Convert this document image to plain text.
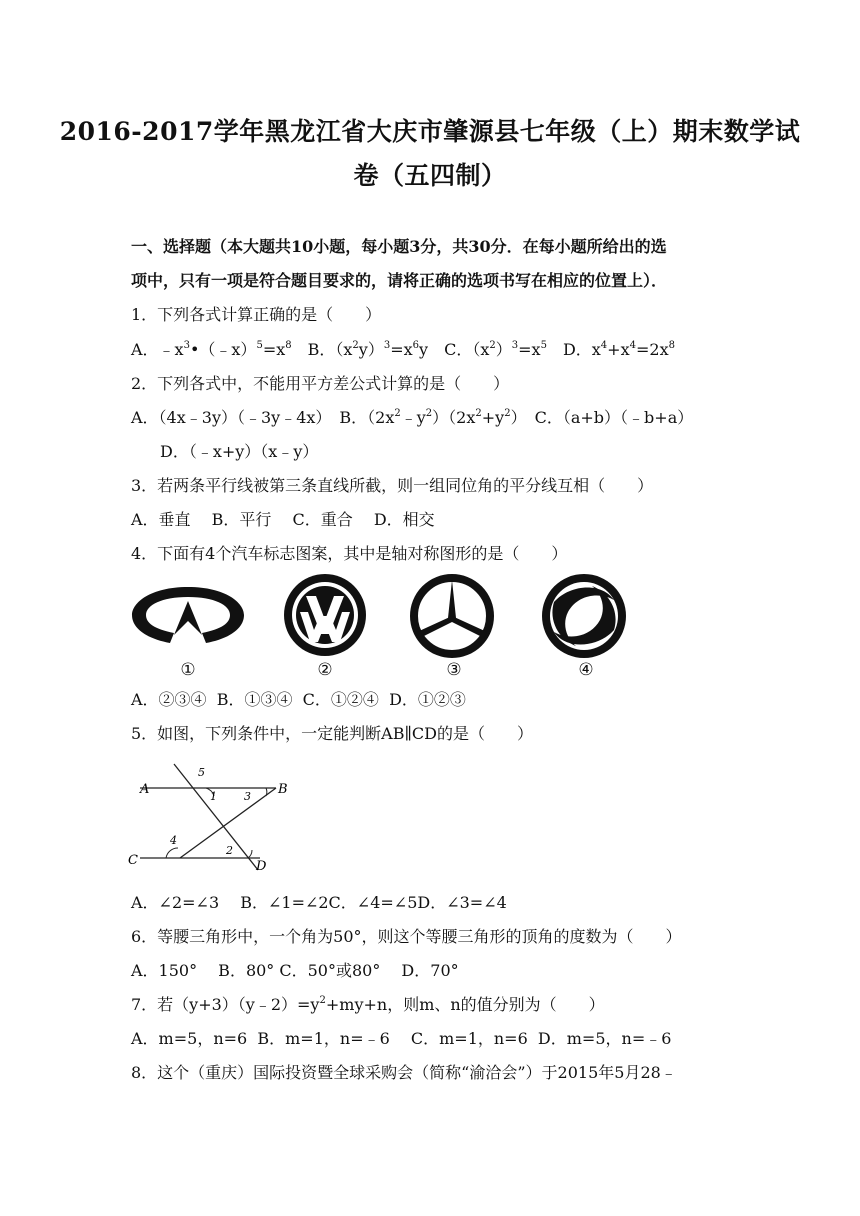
2016-2017学年黑龙江省大庆市肇源县七年级（上）期末数学试
卷（五四制）
一、选择题（本大题共10小题，每小题3分，共30分．在每小题所给出的选
项中，只有一项是符合题目要求的，请将正确的选项书写在相应的位置上）．
1．下列各式计算正确的是（　　）
A．$﹣x^3•(﹣x)^5=x^8$　B．$(x^2y)^3=x^6y$　C．$(x^2)^3=x^5$　D．$x^4+x^4=2x^8$
2．下列各式中，不能用平方差公式计算的是（　　）
A．（4x﹣3y）（﹣3y﹣4x）　B．$(2x^2﹣y^2)(2x^2+y^2)$　C．（a+b）（﹣b+a）
D．（﹣x+y）（x﹣y）
3．若两条平行线被第三条直线所截，则一组同位角的平分线互相（　　）
A．垂直　 B．平行　 C．重合　 D．相交
4．下面有4个汽车标志图案，其中是轴对称图形的是（　　）
①	②	③	④
A．②③④  B．①③④  C．①②④  D．①②③
5．如图，下列条件中，一定能判断AB∥CD的是（　　）
A	B
C	D
1
2
3
4
5
A．∠2=∠3　 B．∠1=∠2C．∠4=∠5D．∠3=∠4
6．等腰三角形中，一个角为50°，则这个等腰三角形的顶角的度数为（　　）
A．150°　 B．80° C．50°或80°　 D．70°
7．若$(y+3)(y﹣2)=y^2+my+n$，则m、n的值分别为（　　）
A．m=5，n=6  B．m=1，n=﹣6　 C．m=1，n=6  D．m=5，n=﹣6
8．这个（重庆）国际投资暨全球采购会（简称“渝洽会”）于2015年5月28﹣
